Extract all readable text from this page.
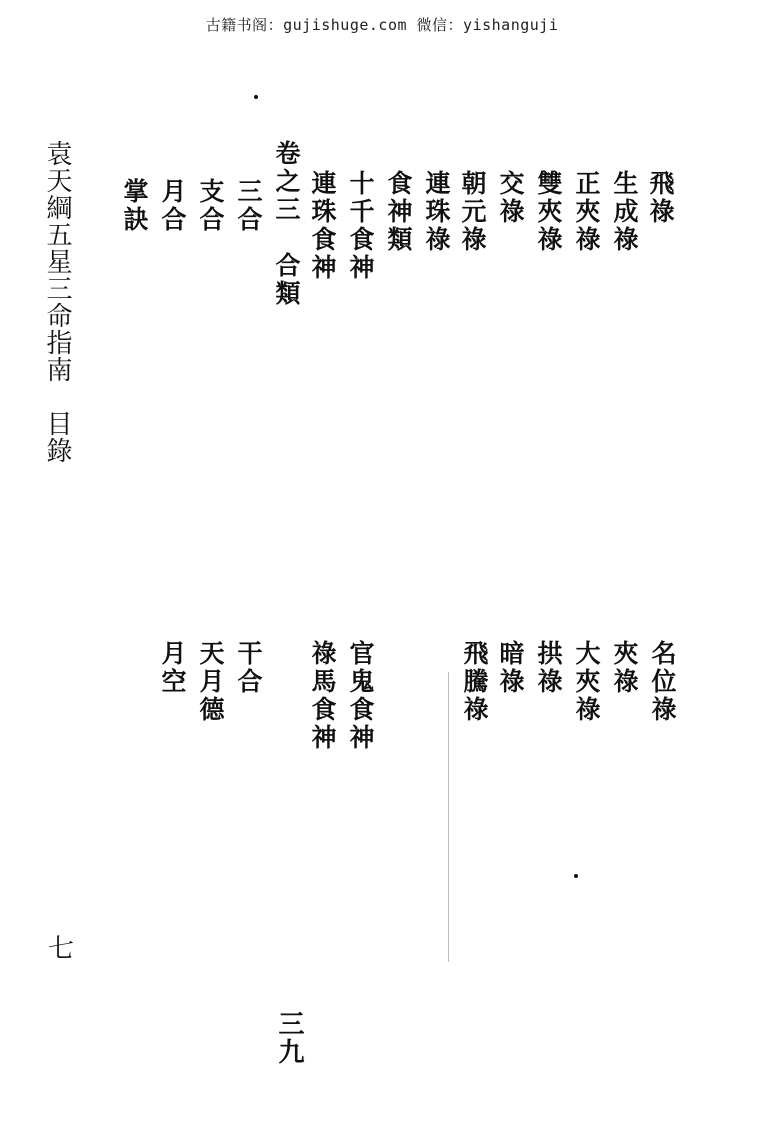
古籍书阁：gujishuge.com 微信：yishanguji
袁天綱五星三命指南　目錄
七
飛祿
生成祿
正夾祿
雙夾祿
交祿
朝元祿
連珠祿
食神類
十千食神
連珠食神
卷之三　合類
三合
支合
月合
掌訣
名位祿
夾祿
大夾祿
拱祿
暗祿
飛騰祿
官鬼食神
祿馬食神
干合
天月德
月空
三九
